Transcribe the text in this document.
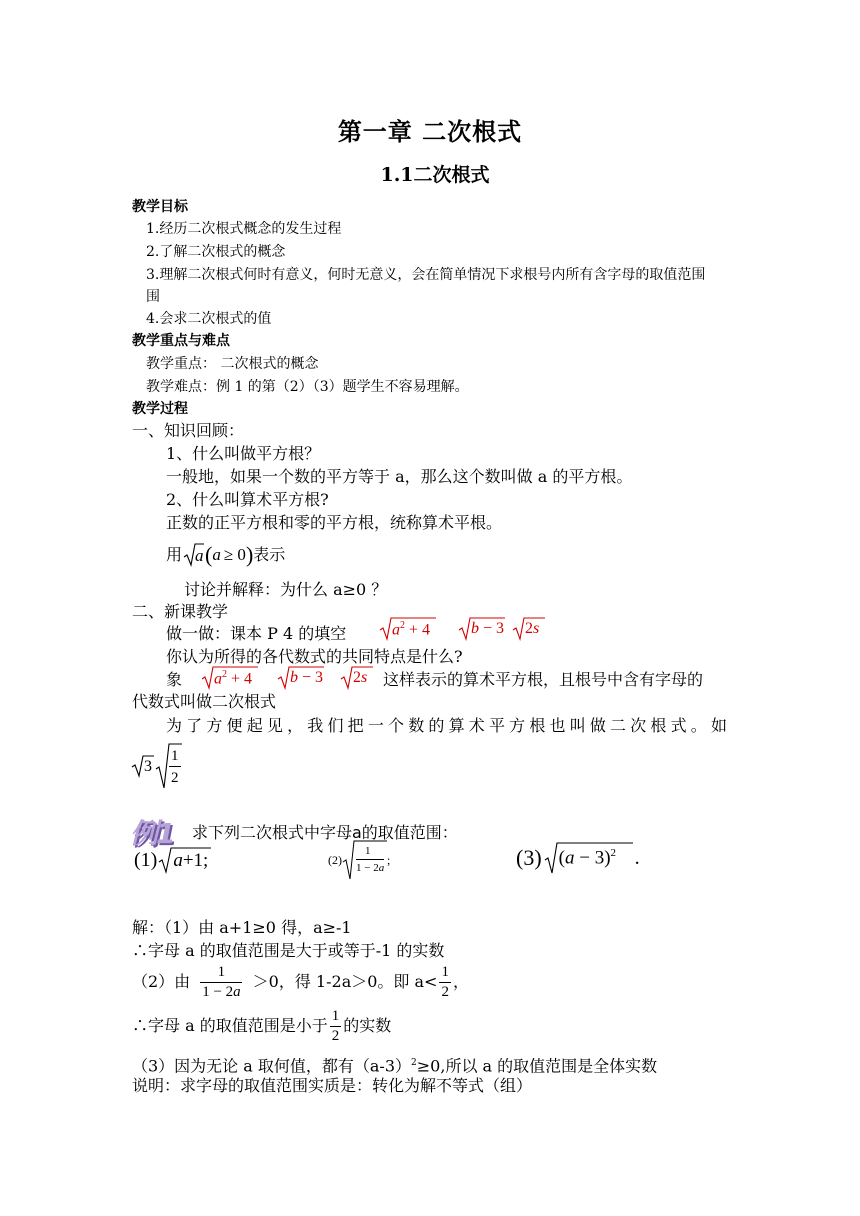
第一章 二次根式
1.1二次根式
教学目标
1.经历二次根式概念的发生过程
2.了解二次根式的概念
3.理解二次根式何时有意义，何时无意义，会在简单情况下求根号内所有含字母的取值范围
围
4.会求二次根式的值
教学重点与难点
教学重点： 二次根式的概念
教学难点：例 1 的第（2）（3）题学生不容易理解。
教学过程
一、知识回顾：
1、什么叫做平方根？
一般地，如果一个数的平方等于 a，那么这个数叫做 a 的平方根。
2、什么叫算术平方根?
正数的正平方根和零的平方根，统称算术平根。
用 a ( a ≥ 0 ) 表示
讨论并解释：为什么 a≥0 ？
二、新课教学
做一做：课本 P 4 的填空	$a^2 + 4$	b − 3 2s
你认为所得的各代数式的共同特点是什么?
象 $a^2 + 4$ b − 3 2s 这样表示的算术平方根，且根号中含有字母的
代数式叫做二次根式
为了方便起见，我们把一个数的算术平方根也叫做二次根式。如
3
1
2
例1 求下列二次根式中字母a的取值范围：
(1) a+1;	(2)
1
1 − 2a
;	(3) $(a - 3)^2$ .
解：（1）由 a+1≥0 得，a≥-1
∴字母 a 的取值范围是大于或等于-1 的实数
（2）由 $\frac{1}{1 - 2a} >0$，得 1-2a＞0。即 $a< \frac{1}{2}$ ，
∴字母 a 的取值范围是小于 $\frac{1}{2}$ 的实数
（3）因为无论 a 取何值，都有$(a-3)^2\ge 0$,所以 a 的取值范围是全体实数
说明：求字母的取值范围实质是：转化为解不等式（组）
